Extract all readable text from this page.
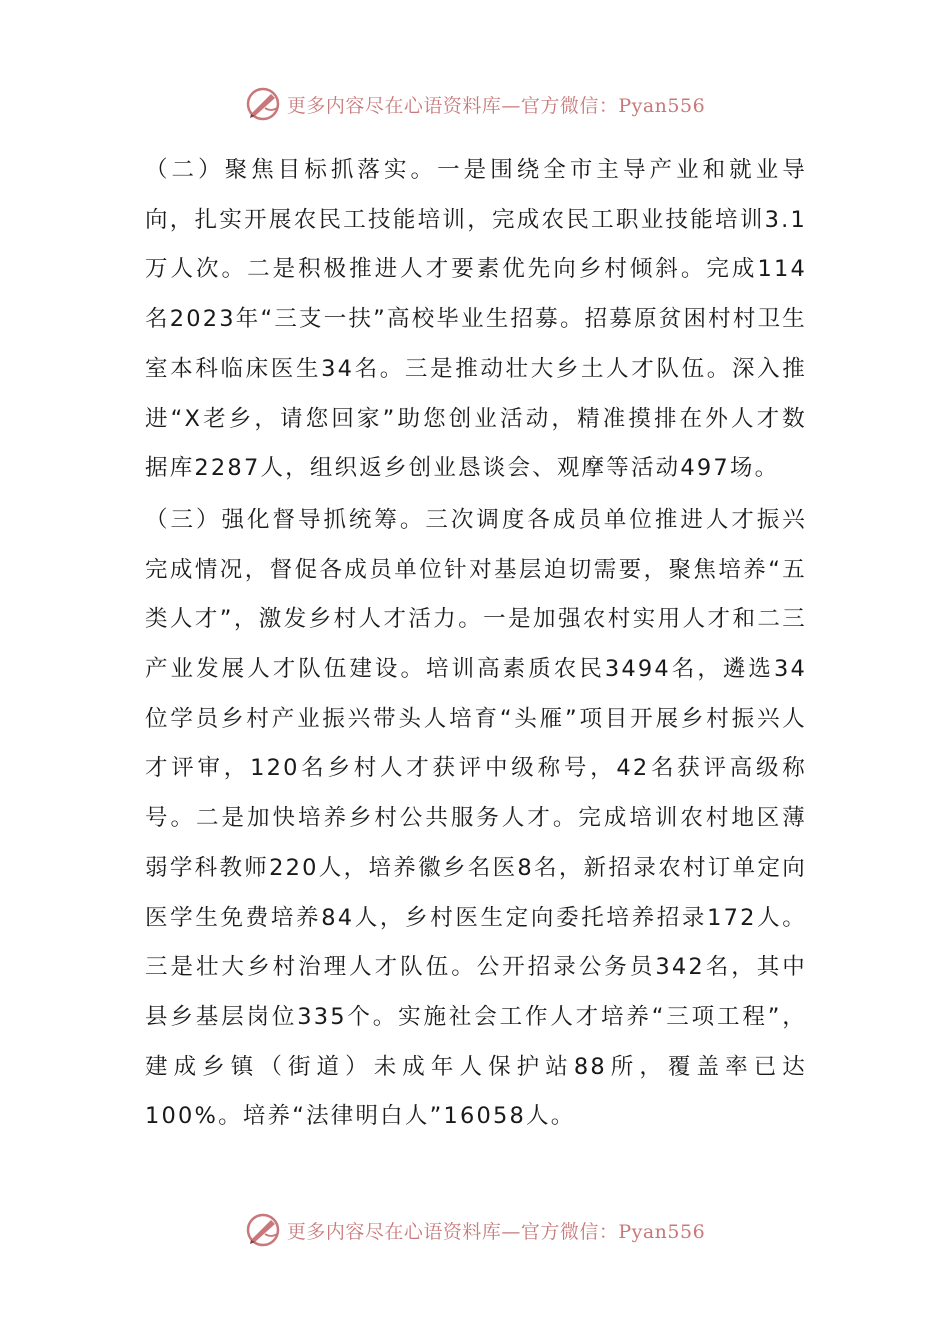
更多内容尽在心语资料库—官方微信：Pyan556

（二）聚焦目标抓落实。一是围绕全市主导产业和就业导向，扎实开展农民工技能培训，完成农民工职业技能培训3.1万人次。二是积极推进人才要素优先向乡村倾斜。完成114名2023年“三支一扶”高校毕业生招募。招募原贫困村村卫生室本科临床医生34名。三是推动壮大乡土人才队伍。深入推进“X老乡，请您回家”助您创业活动，精准摸排在外人才数据库2287人，组织返乡创业恳谈会、观摩等活动497场。

（三）强化督导抓统筹。三次调度各成员单位推进人才振兴完成情况，督促各成员单位针对基层迫切需要，聚焦培养“五类人才”，激发乡村人才活力。一是加强农村实用人才和二三产业发展人才队伍建设。培训高素质农民3494名，遴选34位学员乡村产业振兴带头人培育“头雁”项目开展乡村振兴人才评审，120名乡村人才获评中级称号，42名获评高级称号。二是加快培养乡村公共服务人才。完成培训农村地区薄弱学科教师220人，培养徽乡名医8名，新招录农村订单定向医学生免费培养84人，乡村医生定向委托培养招录172人。三是壮大乡村治理人才队伍。公开招录公务员342名，其中县乡基层岗位335个。实施社会工作人才培养“三项工程”，建成乡镇（街道）未成年人保护站88所，覆盖率已达100%。培养“法律明白人”16058人。

更多内容尽在心语资料库—官方微信：Pyan556
